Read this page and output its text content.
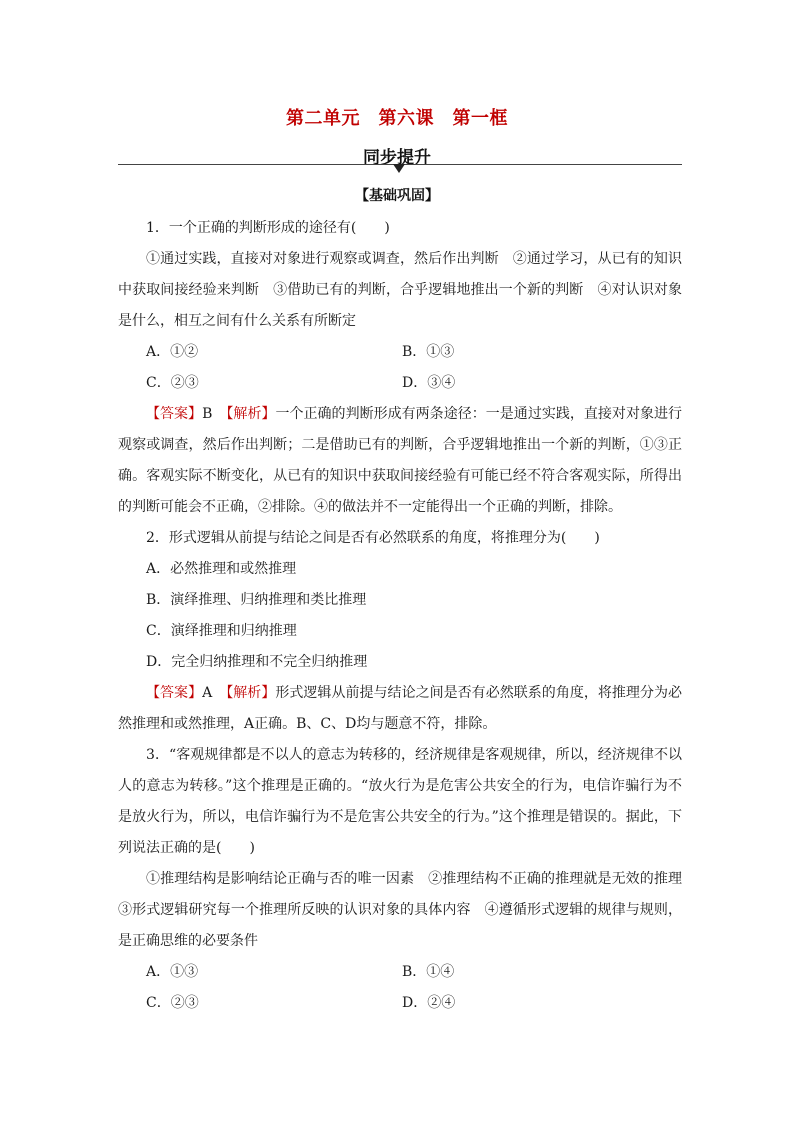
第二单元　第六课　第一框
同步提升
【基础巩固】

1．一个正确的判断形成的途径有(　　)

①通过实践，直接对对象进行观察或调查，然后作出判断　②通过学习，从已有的知识中获取间接经验来判断　③借助已有的判断，合乎逻辑地推出一个新的判断　④对认识对象是什么，相互之间有什么关系有所断定

A．①②	B．①③
C．②③	D．③④

【答案】B　【解析】一个正确的判断形成有两条途径：一是通过实践，直接对对象进行观察或调查，然后作出判断；二是借助已有的判断，合乎逻辑地推出一个新的判断，①③正确。客观实际不断变化，从已有的知识中获取间接经验有可能已经不符合客观实际，所得出的判断可能会不正确，②排除。④的做法并不一定能得出一个正确的判断，排除。

2．形式逻辑从前提与结论之间是否有必然联系的角度，将推理分为(　　)

A．必然推理和或然推理

B．演绎推理、归纳推理和类比推理

C．演绎推理和归纳推理

D．完全归纳推理和不完全归纳推理

【答案】A　【解析】形式逻辑从前提与结论之间是否有必然联系的角度，将推理分为必然推理和或然推理，A正确。B、C、D均与题意不符，排除。

3．“客观规律都是不以人的意志为转移的，经济规律是客观规律，所以，经济规律不以人的意志为转移。”这个推理是正确的。“放火行为是危害公共安全的行为，电信诈骗行为不是放火行为，所以，电信诈骗行为不是危害公共安全的行为。”这个推理是错误的。据此，下列说法正确的是(　　)

①推理结构是影响结论正确与否的唯一因素　②推理结构不正确的推理就是无效的推理　③形式逻辑研究每一个推理所反映的认识对象的具体内容　④遵循形式逻辑的规律与规则，是正确思维的必要条件

A．①③	B．①④
C．②③	D．②④
